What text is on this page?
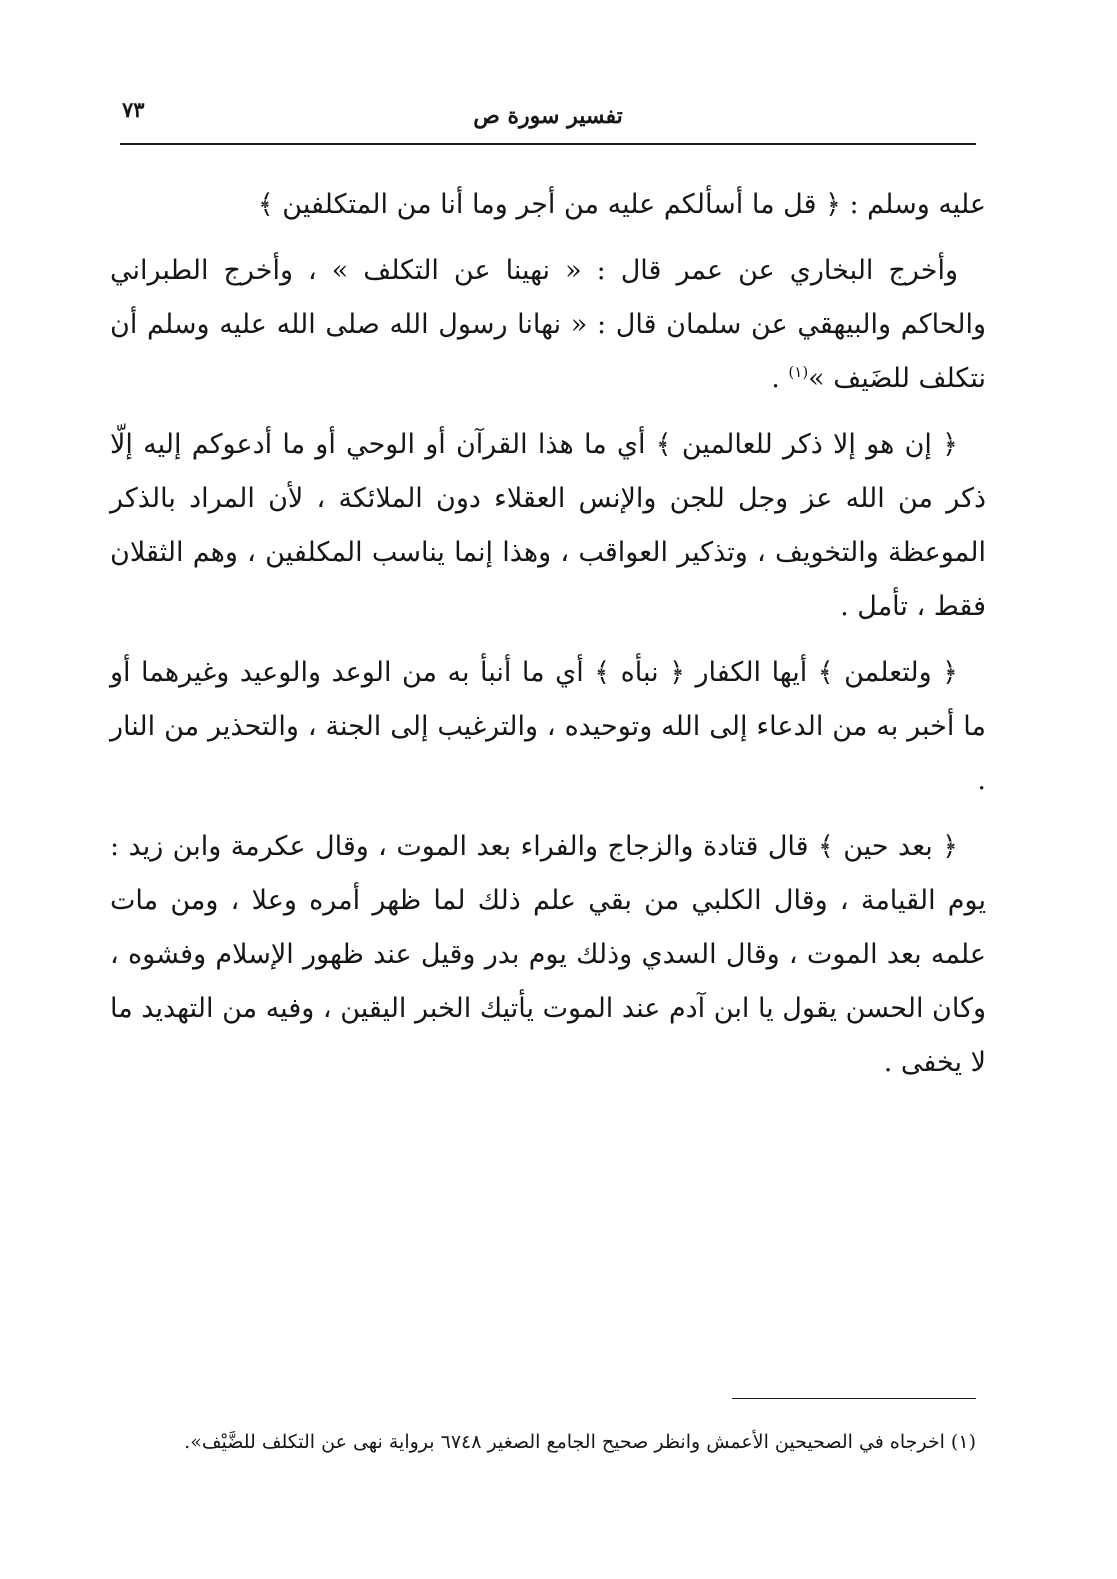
٧٣	تفسير سورة ص

عليه وسلم : ﴿ قل ما أسألكم عليه من أجر وما أنا من المتكلفين ﴾

وأخرج البخاري عن عمر قال : « نهينا عن التكلف » ، وأخرج الطبراني والحاكم والبيهقي عن سلمان قال : « نهانا رسول الله صلى الله عليه وسلم أن نتكلف للضَيف »$^{(١)}$ .

﴿ إن هو إلا ذكر للعالمين ﴾ أي ما هذا القرآن أو الوحي أو ما أدعوكم إليه إلّا ذكر من الله عز وجل للجن والإنس العقلاء دون الملائكة ، لأن المراد بالذكر الموعظة والتخويف ، وتذكير العواقب ، وهذا إنما يناسب المكلفين ، وهم الثقلان فقط ، تأمل .

﴿ ولتعلمن ﴾ أيها الكفار ﴿ نبأه ﴾ أي ما أنبأ به من الوعد والوعيد وغيرهما أو ما أخبر به من الدعاء إلى الله وتوحيده ، والترغيب إلى الجنة ، والتحذير من النار .

﴿ بعد حين ﴾ قال قتادة والزجاج والفراء بعد الموت ، وقال عكرمة وابن زيد : يوم القيامة ، وقال الكلبي من بقي علم ذلك لما ظهر أمره وعلا ، ومن مات علمه بعد الموت ، وقال السدي وذلك يوم بدر وقيل عند ظهور الإسلام وفشوه ، وكان الحسن يقول يا ابن آدم عند الموت يأتيك الخبر اليقين ، وفيه من التهديد ما لا يخفى .

(١) اخرجاه في الصحيحين الأعمش وانظر صحيح الجامع الصغير ٦٧٤٨ برواية نهى عن التكلف للضَّيْف».
